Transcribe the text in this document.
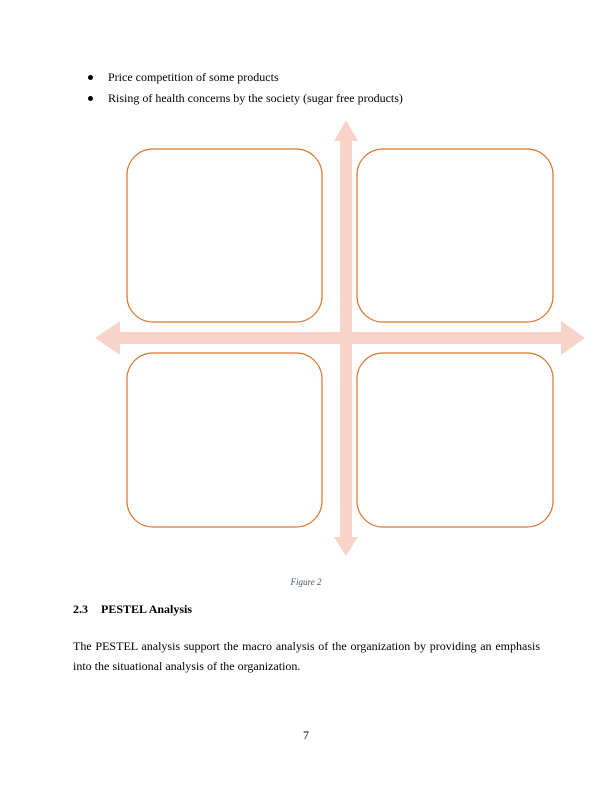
Price competition of some products
Rising of health concerns by the society (sugar free products)
Figure 2
2.3 PESTEL Analysis
The PESTEL analysis support the macro analysis of the organization by providing an emphasis into the situational analysis of the organization.
7
